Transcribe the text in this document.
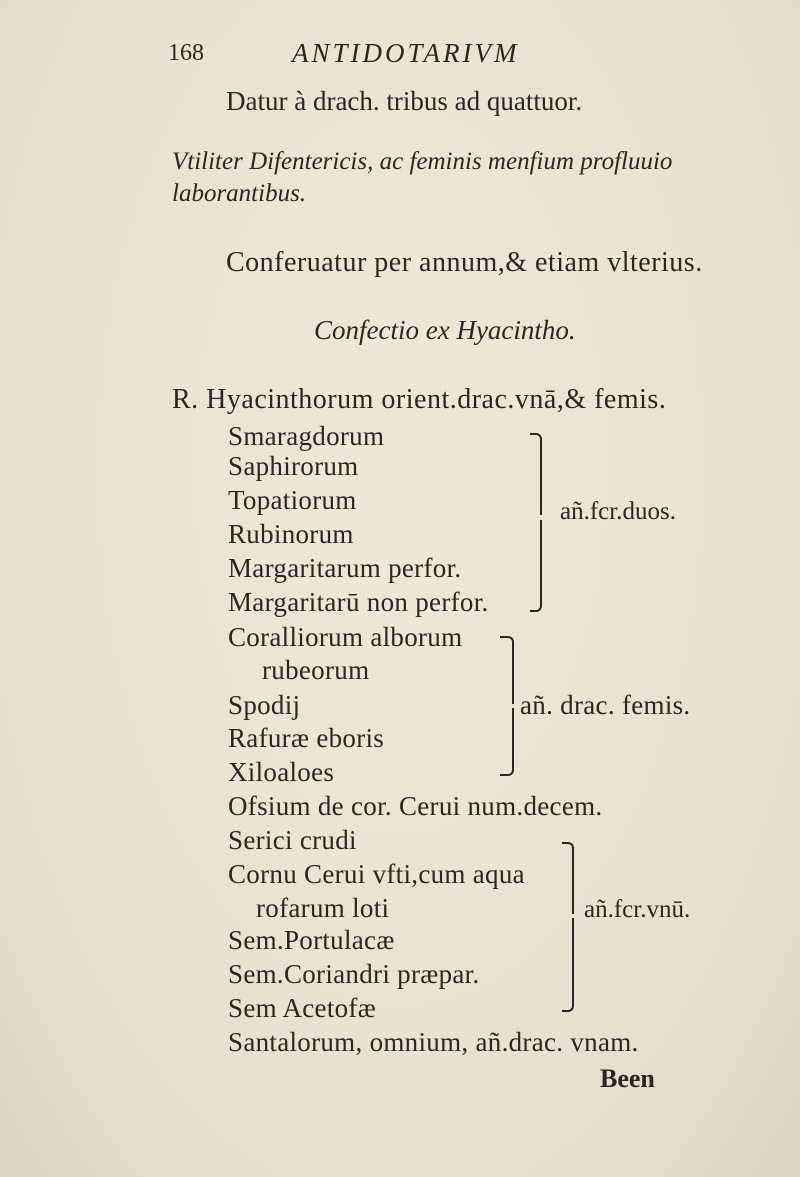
168	ANTIDOTARIVM
Datur à drach. tribus ad quattuor.
Vtiliter Difentericis, ac feminis menfium profluuio
laborantibus.
Conferuatur per annum,& etiam vlterius.
Confectio ex Hyacintho.
R. Hyacinthorum orient.drac.vnā,& femis.
Smaragdorum
Saphirorum
Topatiorum
Rubinorum
Margaritarum perfor.
Margaritarū non perfor.
añ.fcr.duos.
Coralliorum alborum
rubeorum
Spodij
Rafuræ eboris
Xiloaloes
añ. drac. femis.
Ofsium de cor. Cerui num.decem.
Serici crudi
Cornu Cerui vfti,cum aqua
rofarum loti
Sem.Portulacæ
Sem.Coriandri præpar.
Sem Acetofæ
añ.fcr.vnū.
Santalorum, omnium, añ.drac. vnam.
Been
